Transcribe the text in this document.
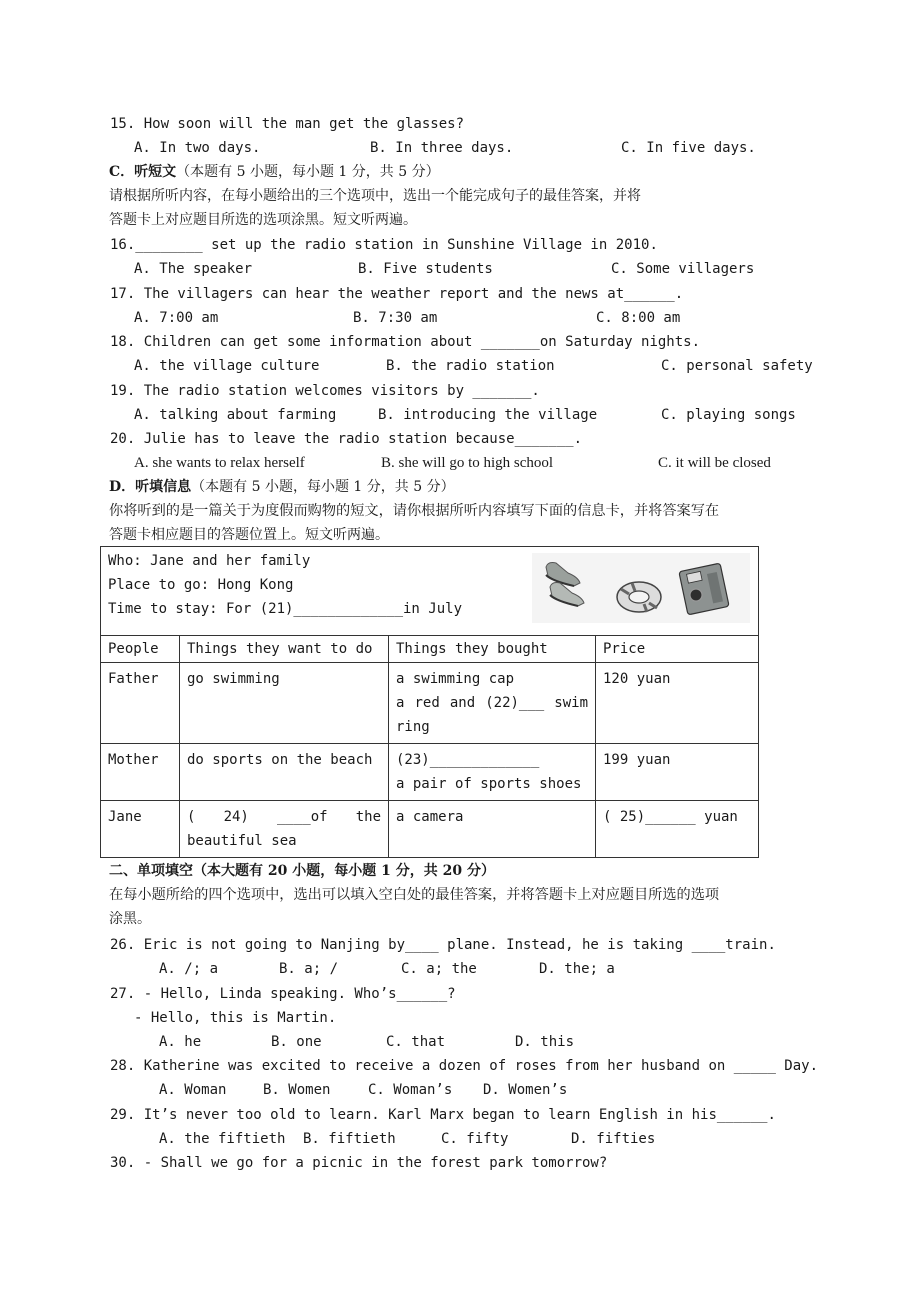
15. How soon will the man get the glasses?
A. In two days.	B. In three days.	C. In five days.
C．听短文（本题有 5 小题，每小题 1 分，共 5 分）
请根据所听内容，在每小题给出的三个选项中，选出一个能完成句子的最佳答案，并将
答题卡上对应题目所选的选项涂黑。短文听两遍。
16.________ set up the radio station in Sunshine Village in 2010.
A. The speaker	B. Five students	C. Some villagers
17. The villagers can hear the weather report and the news at______.
A. 7:00 am	B. 7:30 am	C. 8:00 am
18. Children can get some information about _______on Saturday nights.
A. the village culture	B. the radio station	C. personal safety
19. The radio station welcomes visitors by _______.
A. talking about farming	B. introducing the village	C. playing songs
20. Julie has to leave the radio station because_______.
A. she wants to relax herself	B. she will go to high school	C. it will be closed
D．听填信息（本题有 5 小题，每小题 1 分，共 5 分）
你将听到的是一篇关于为度假而购物的短文，请你根据所听内容填写下面的信息卡，并将答案写在
答题卡相应题目的答题位置上。短文听两遍。
Who: Jane and her family
Place to go: Hong Kong
Time to stay: For (21)_____________in July			

People	Things they want to do	Things they bought	Price
Father	go swimming	a swimming cap
a red and (22)___ swim ring	120 yuan
Mother	do sports on the beach	(23)_____________
a pair of sports shoes	199 yuan
Jane	( 24) ____of the beautiful sea	a camera	( 25)______ yuan
二、单项填空（本大题有 20 小题，每小题 1 分，共 20 分）
在每小题所给的四个选项中，选出可以填入空白处的最佳答案，并将答题卡上对应题目所选的选项
涂黑。
26. Eric is not going to Nanjing by____ plane. Instead, he is taking ____train.
A. /; a	B. a; /	C. a; the	D. the; a
27. - Hello, Linda speaking. Who’s______?
- Hello, this is Martin.
A. he	B. one	C. that	D. this
28. Katherine was excited to receive a dozen of roses from her husband on _____ Day.
A. Woman	B. Women	C. Woman’s D. Women’s
29. It’s never too old to learn. Karl Marx began to learn English in his______.
A. the fiftieth B. fiftieth	C. fifty	D. fifties
30. - Shall we go for a picnic in the forest park tomorrow?
